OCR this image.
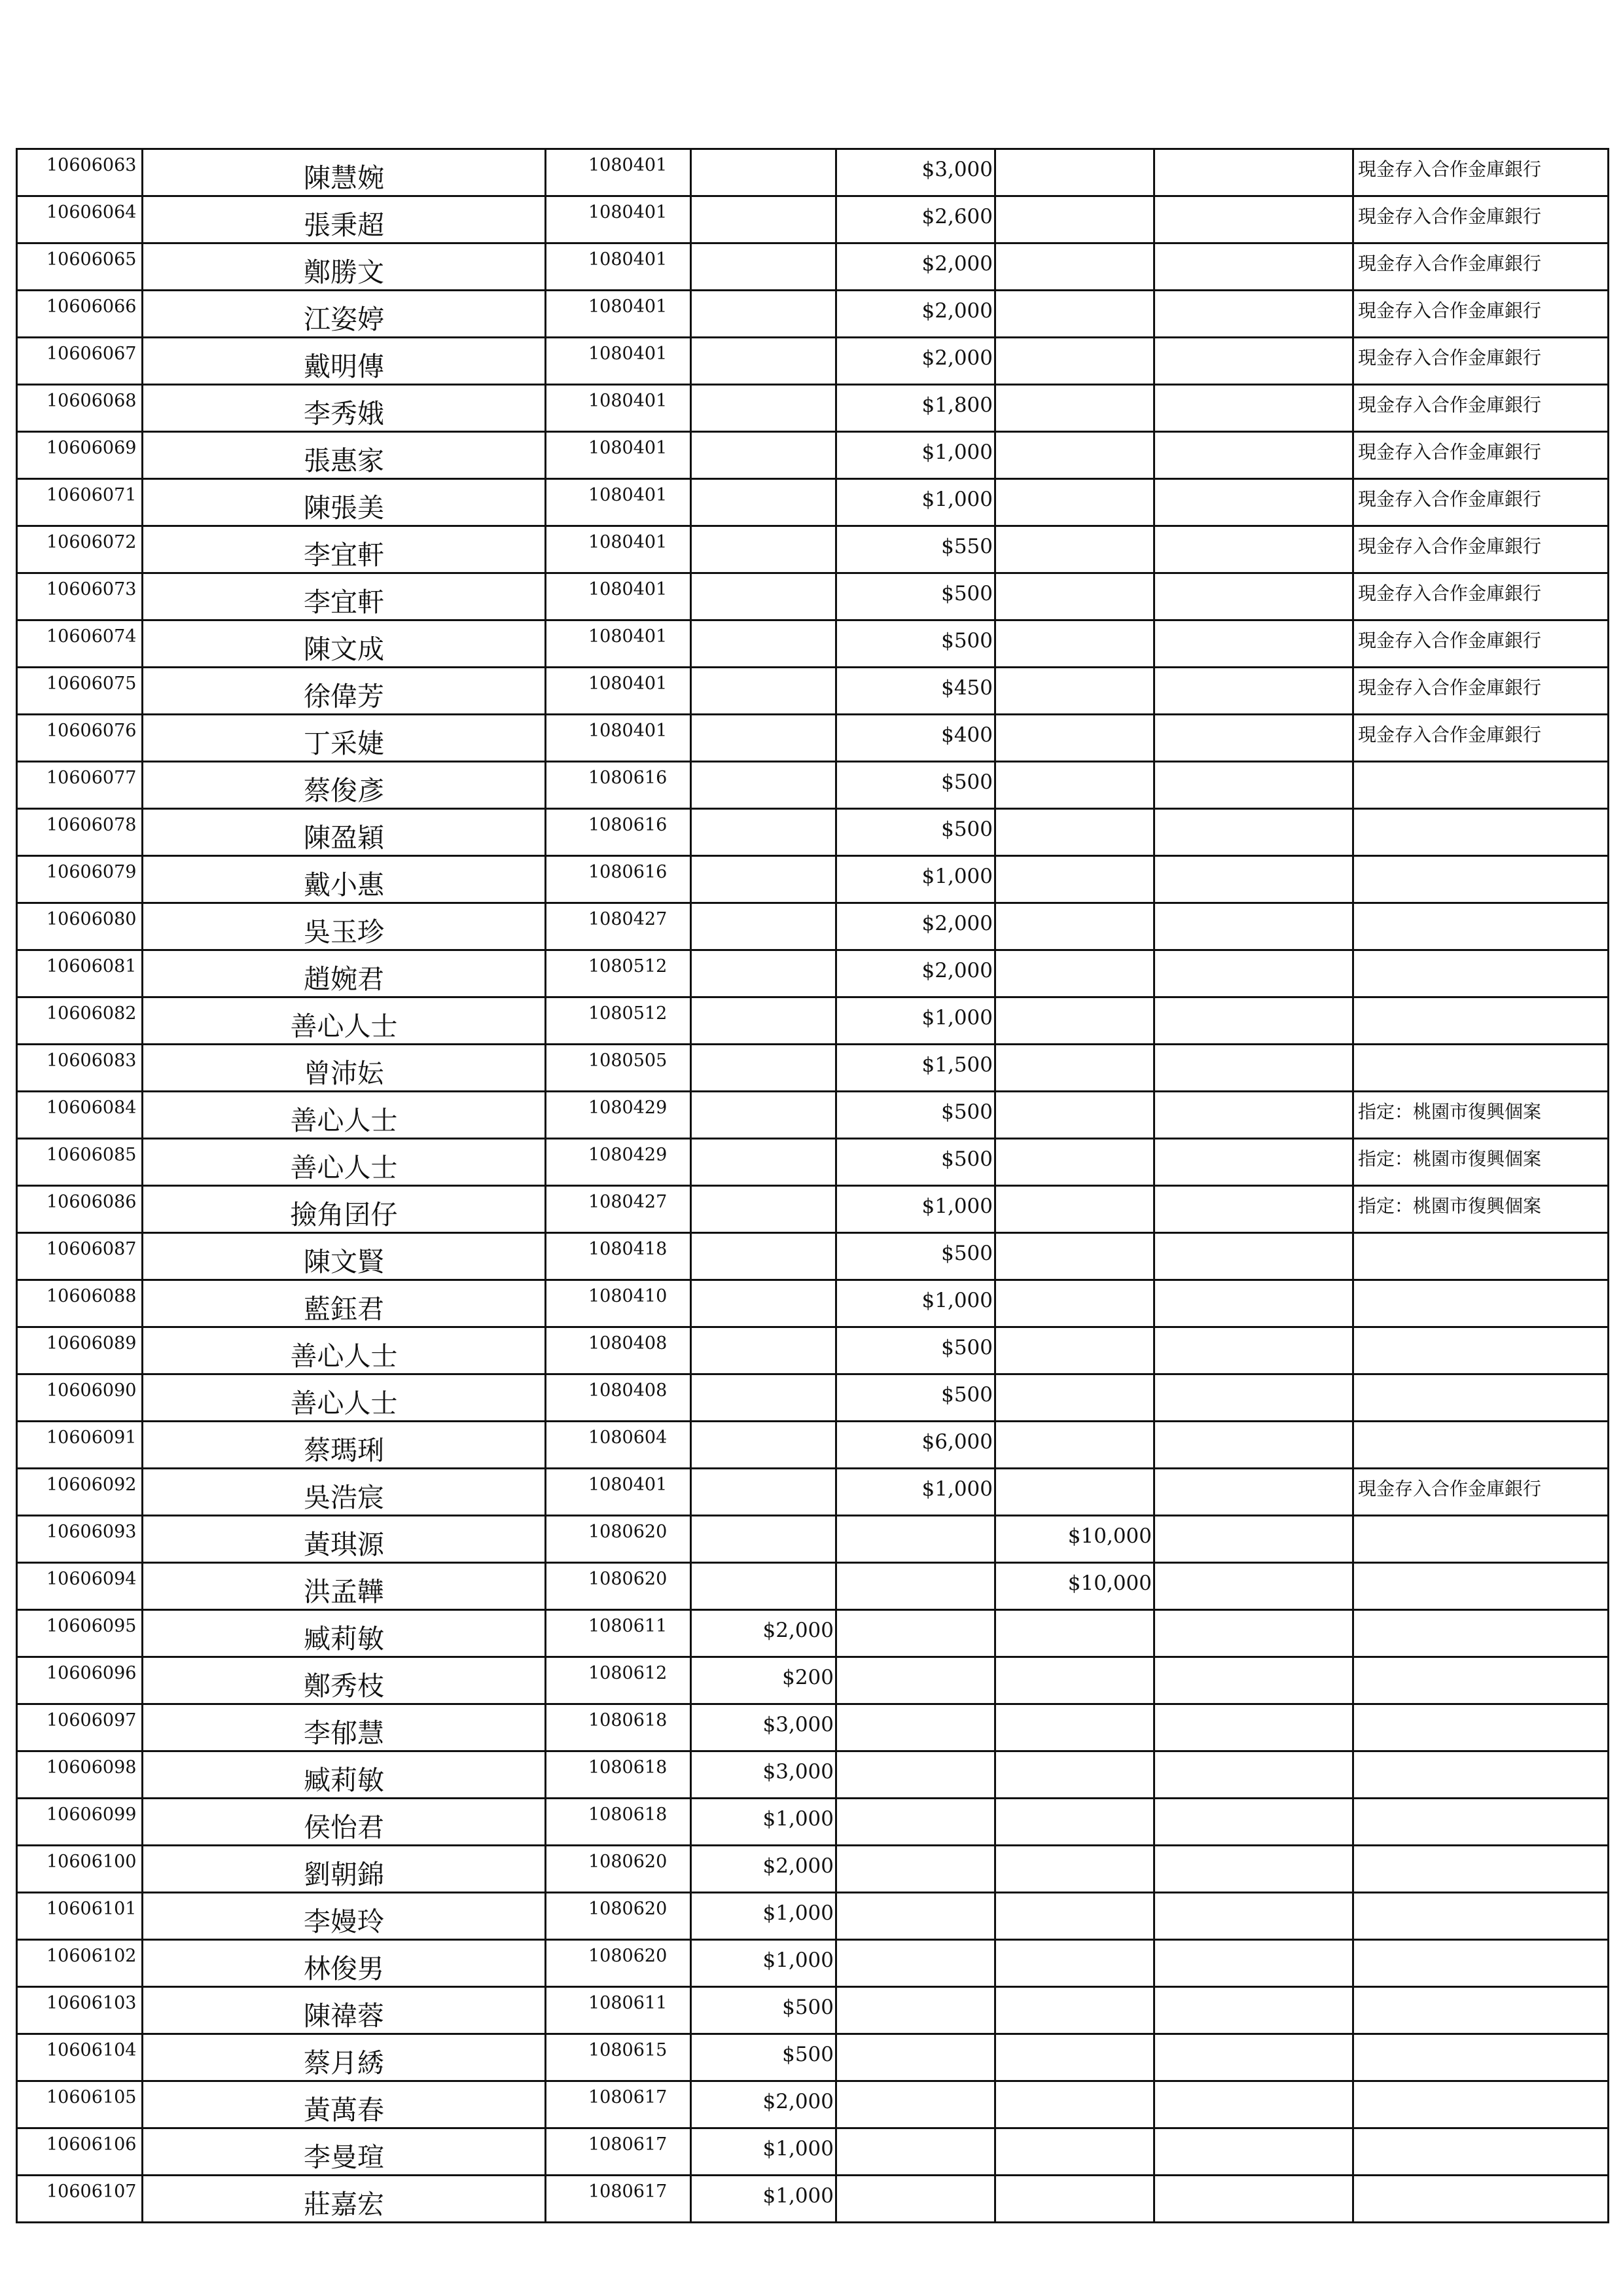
10606063	陳慧婉	1080401		$3,000			現金存入合作金庫銀行
10606064	張秉超	1080401		$2,600			現金存入合作金庫銀行
10606065	鄭勝文	1080401		$2,000			現金存入合作金庫銀行
10606066	江姿婷	1080401		$2,000			現金存入合作金庫銀行
10606067	戴明傳	1080401		$2,000			現金存入合作金庫銀行
10606068	李秀娥	1080401		$1,800			現金存入合作金庫銀行
10606069	張惠家	1080401		$1,000			現金存入合作金庫銀行
10606071	陳張美	1080401		$1,000			現金存入合作金庫銀行
10606072	李宜軒	1080401		$550			現金存入合作金庫銀行
10606073	李宜軒	1080401		$500			現金存入合作金庫銀行
10606074	陳文成	1080401		$500			現金存入合作金庫銀行
10606075	徐偉芳	1080401		$450			現金存入合作金庫銀行
10606076	丁采婕	1080401		$400			現金存入合作金庫銀行
10606077	蔡俊彥	1080616		$500			
10606078	陳盈穎	1080616		$500			
10606079	戴小惠	1080616		$1,000			
10606080	吳玉珍	1080427		$2,000			
10606081	趙婉君	1080512		$2,000			
10606082	善心人士	1080512		$1,000			
10606083	曾沛妘	1080505		$1,500			
10606084	善心人士	1080429		$500			指定：桃園市復興個案
10606085	善心人士	1080429		$500			指定：桃園市復興個案
10606086	撿角囝仔	1080427		$1,000			指定：桃園市復興個案
10606087	陳文賢	1080418		$500			
10606088	藍鈺君	1080410		$1,000			
10606089	善心人士	1080408		$500			
10606090	善心人士	1080408		$500			
10606091	蔡瑪琍	1080604		$6,000			
10606092	吳浩宸	1080401		$1,000			現金存入合作金庫銀行
10606093	黃琪源	1080620			$10,000		
10606094	洪孟韡	1080620			$10,000		
10606095	臧莉敏	1080611	$2,000				
10606096	鄭秀枝	1080612	$200				
10606097	李郁慧	1080618	$3,000				
10606098	臧莉敏	1080618	$3,000				
10606099	侯怡君	1080618	$1,000				
10606100	劉朝錦	1080620	$2,000				
10606101	李嫚玲	1080620	$1,000				
10606102	林俊男	1080620	$1,000				
10606103	陳禕蓉	1080611	$500				
10606104	蔡月綉	1080615	$500				
10606105	黃萬春	1080617	$2,000				
10606106	李曼瑄	1080617	$1,000				
10606107	莊嘉宏	1080617	$1,000				
